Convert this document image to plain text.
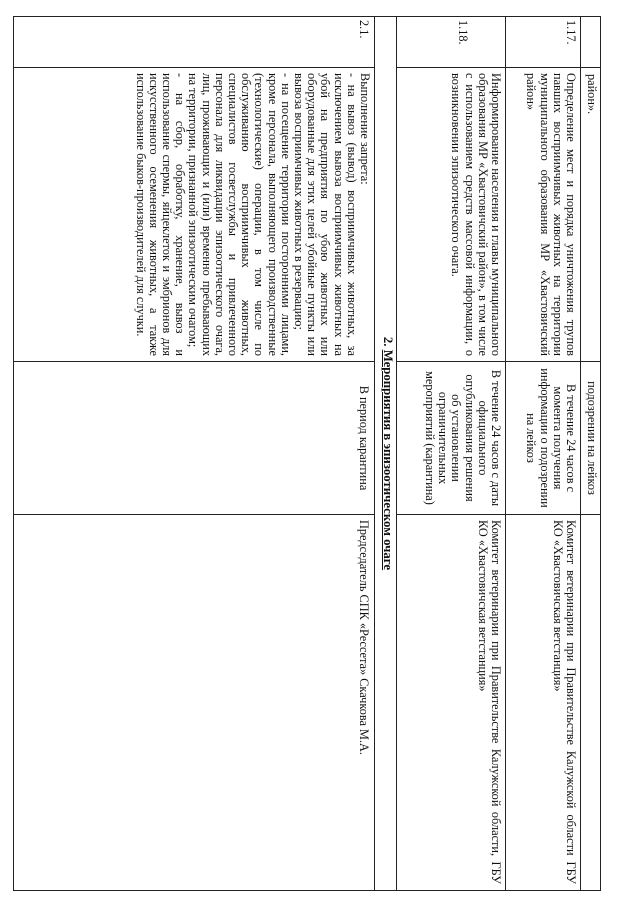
район».
подозрении на лейкоз
1.17.
Определение мест и порядка уничтожения трупов павших восприимчивых животных на территории муниципального образования МР «Хвастовичский район»
В течение 24 часов с момента получения информации о подозрении на лейкоз
Комитет ветеринарии при Правительстве Калужской области ГБУ КО «Хвастовичская ветстанция»
1.18.
Информирование населения и главы муниципального образования МР «Хвастовичский район», в том числе с использованием средств массовой информации, о возникновении эпизоотического очага.
В течение 24 часов с даты официального опубликования решения об установлении ограничительных мероприятий (карантина)
Комитет ветеринарии при Правительстве Калужской области, ГБУ КО «Хвастовичская ветстанция»
2. Мероприятия в эпизоотическом очаге
2.1.
Выполнение запрета:
- на вывоз (вывод) восприимчивых животных, за исключением вывоза восприимчивых животных на убой на предприятия по убою животных или оборудованные для этих целей убойные пункты или вывоза восприимчивых животных в резервацию;
- на посещение территории посторонними лицами, кроме персонала, выполняющего производственные (технологические) операции, в том числе по обслуживанию восприимчивых животных, специалистов госветслужбы и привлеченного персонала для ликвидации эпизоотического очага, лиц, проживающих и (или) временно пребывающих на территории, признанной эпизоотическим очагом;
- на сбор, обработку, хранение, вывоз и использование спермы, яйцеклеток и эмбрионов для искусственного осеменения животных, а также использование быков-производителей для случки.
В период карантина
Председатель СПК «Рессета» Скачкова М.А.
